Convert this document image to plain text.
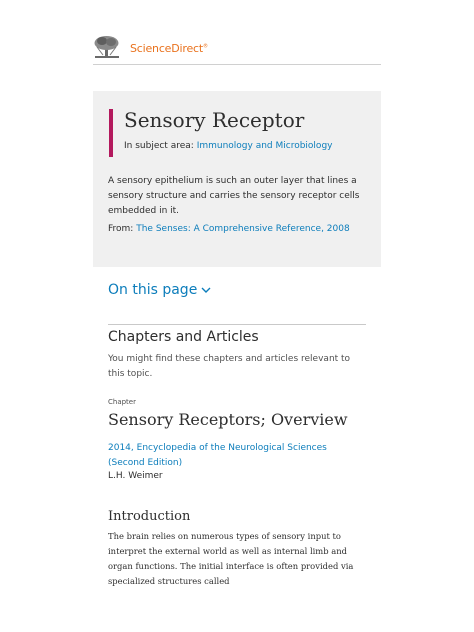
ScienceDirect®
Sensory Receptor
In subject area: Immunology and Microbiology
A sensory epithelium is such an outer layer that lines a sensory structure and carries the sensory receptor cells embedded in it.
From: The Senses: A Comprehensive Reference, 2008
On this page
Chapters and Articles
You might find these chapters and articles relevant to this topic.
Chapter
Sensory Receptors; Overview
2014, Encyclopedia of the Neurological Sciences (Second Edition)
L.H. Weimer
Introduction
The brain relies on numerous types of sensory input to interpret the external world as well as internal limb and organ functions. The initial interface is often provided via specialized structures called
